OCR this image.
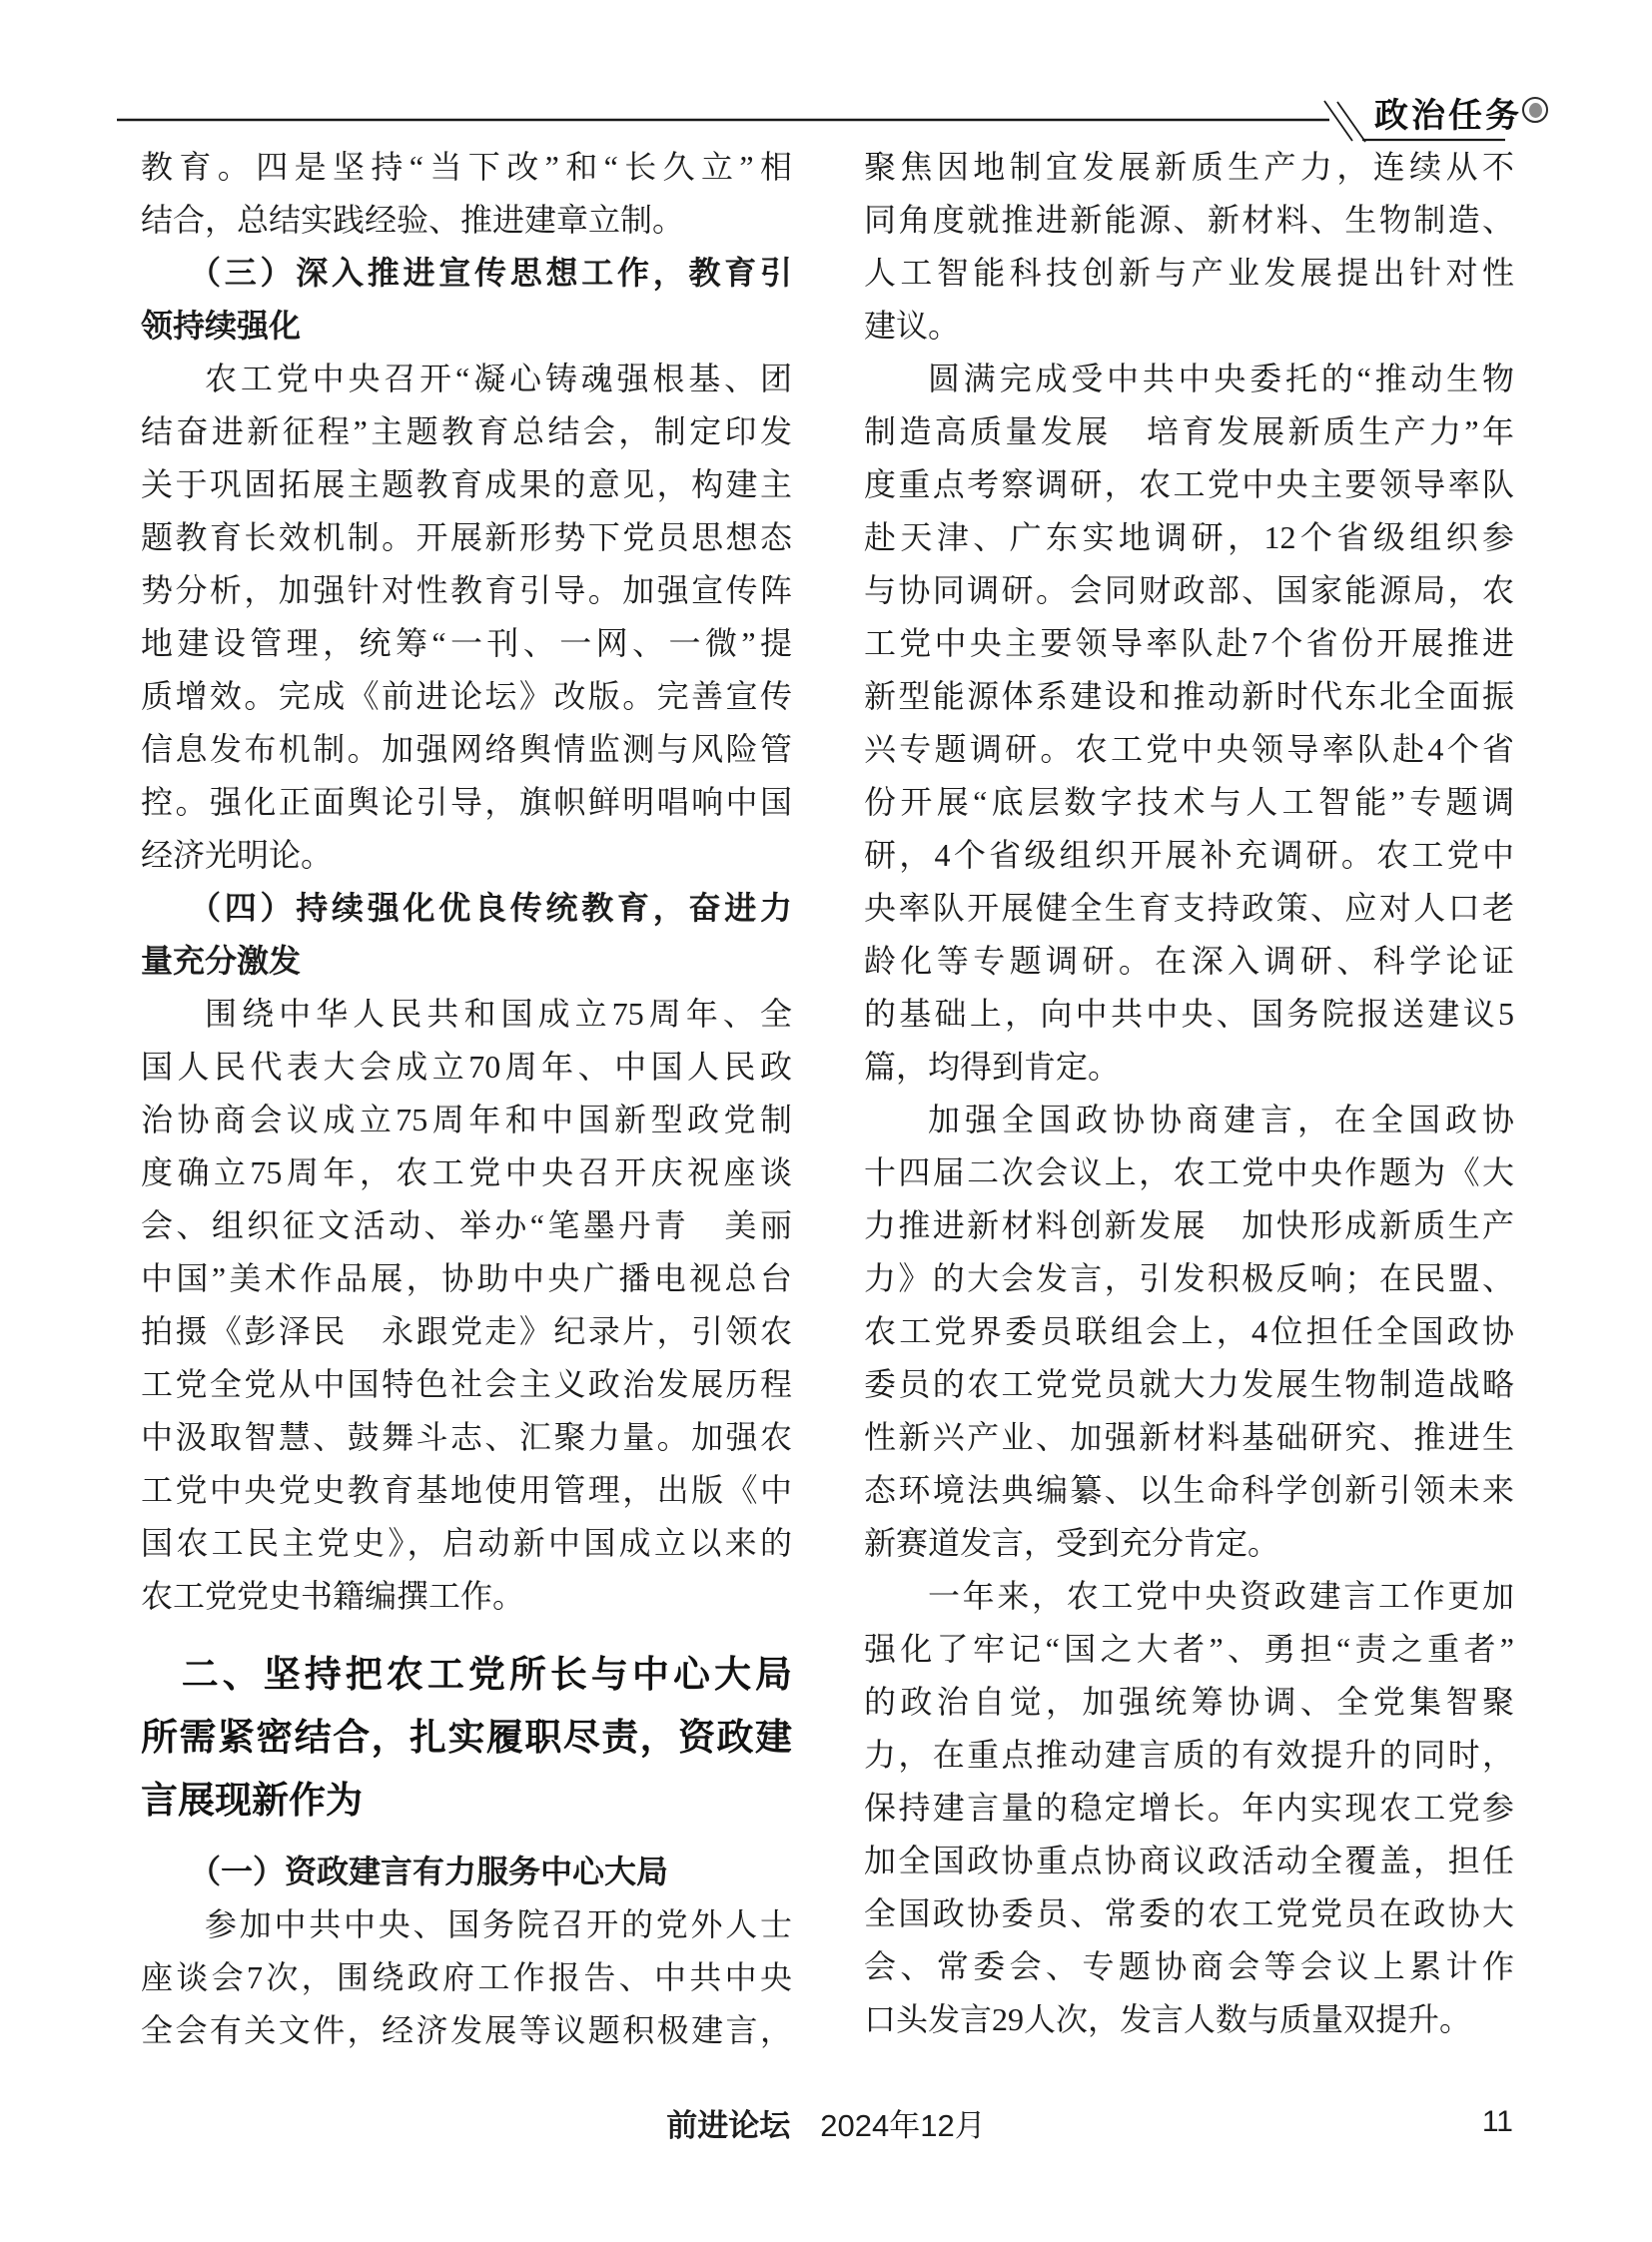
政治任务
教育。四是坚持“当下改”和“长久立”相
结合，总结实践经验、推进建章立制。
（三）深入推进宣传思想工作，教育引
领持续强化
农工党中央召开“凝心铸魂强根基、团
结奋进新征程”主题教育总结会，制定印发
关于巩固拓展主题教育成果的意见，构建主
题教育长效机制。开展新形势下党员思想态
势分析，加强针对性教育引导。加强宣传阵
地建设管理，统筹“一刊、一网、一微”提
质增效。完成《前进论坛》改版。完善宣传
信息发布机制。加强网络舆情监测与风险管
控。强化正面舆论引导，旗帜鲜明唱响中国
经济光明论。
（四）持续强化优良传统教育，奋进力
量充分激发
围绕中华人民共和国成立75周年、全
国人民代表大会成立70周年、中国人民政
治协商会议成立75周年和中国新型政党制
度确立75周年，农工党中央召开庆祝座谈
会、组织征文活动、举办“笔墨丹青　美丽
中国”美术作品展，协助中央广播电视总台
拍摄《彭泽民　永跟党走》纪录片，引领农
工党全党从中国特色社会主义政治发展历程
中汲取智慧、鼓舞斗志、汇聚力量。加强农
工党中央党史教育基地使用管理，出版《中
国农工民主党史》，启动新中国成立以来的
农工党党史书籍编撰工作。
二、坚持把农工党所长与中心大局
所需紧密结合，扎实履职尽责，资政建
言展现新作为
（一）资政建言有力服务中心大局
参加中共中央、国务院召开的党外人士
座谈会7次，围绕政府工作报告、中共中央
全会有关文件，经济发展等议题积极建言，
聚焦因地制宜发展新质生产力，连续从不
同角度就推进新能源、新材料、生物制造、
人工智能科技创新与产业发展提出针对性
建议。
圆满完成受中共中央委托的“推动生物
制造高质量发展　培育发展新质生产力”年
度重点考察调研，农工党中央主要领导率队
赴天津、广东实地调研，12个省级组织参
与协同调研。会同财政部、国家能源局，农
工党中央主要领导率队赴7个省份开展推进
新型能源体系建设和推动新时代东北全面振
兴专题调研。农工党中央领导率队赴4个省
份开展“底层数字技术与人工智能”专题调
研，4个省级组织开展补充调研。农工党中
央率队开展健全生育支持政策、应对人口老
龄化等专题调研。在深入调研、科学论证
的基础上，向中共中央、国务院报送建议5
篇，均得到肯定。
加强全国政协协商建言，在全国政协
十四届二次会议上，农工党中央作题为《大
力推进新材料创新发展　加快形成新质生产
力》的大会发言，引发积极反响；在民盟、
农工党界委员联组会上，4位担任全国政协
委员的农工党党员就大力发展生物制造战略
性新兴产业、加强新材料基础研究、推进生
态环境法典编纂、以生命科学创新引领未来
新赛道发言，受到充分肯定。
一年来，农工党中央资政建言工作更加
强化了牢记“国之大者”、勇担“责之重者”
的政治自觉，加强统筹协调、全党集智聚
力，在重点推动建言质的有效提升的同时，
保持建言量的稳定增长。年内实现农工党参
加全国政协重点协商议政活动全覆盖，担任
全国政协委员、常委的农工党党员在政协大
会、常委会、专题协商会等会议上累计作
口头发言29人次，发言人数与质量双提升。
前进论坛 2024年12月	11
